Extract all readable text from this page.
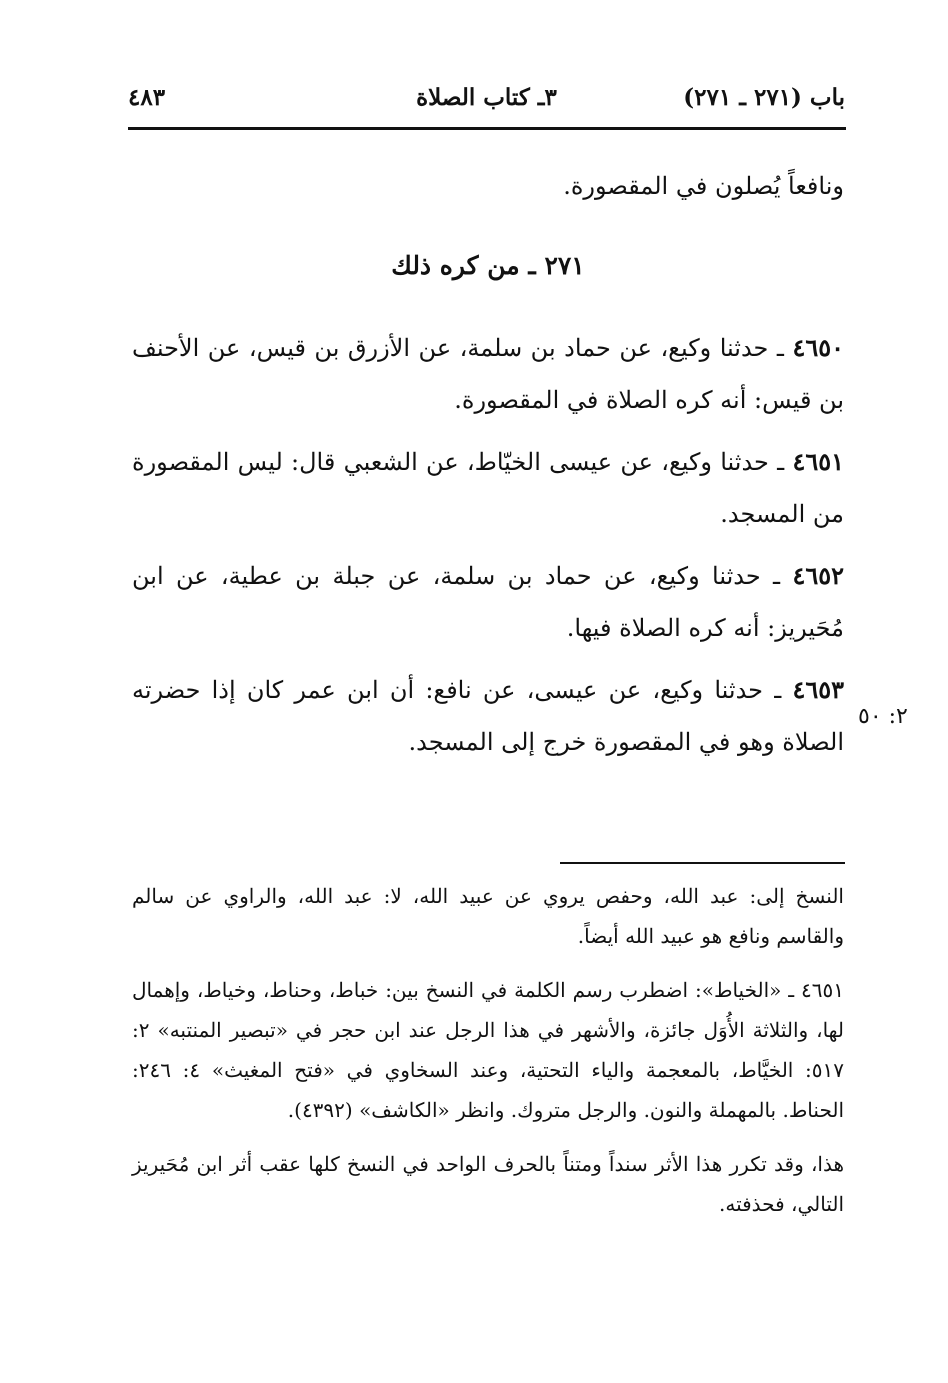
باب (٢٧١ ـ ٢٧١)
٣ـ كتاب الصلاة
٤٨٣

ونافعاً يُصلون في المقصورة.

٢٧١ ـ من كره ذلك

٤٦٥٠ ـ حدثنا وكيع، عن حماد بن سلمة، عن الأزرق بن قيس، عن الأحنف بن قيس: أنه كره الصلاة في المقصورة.

٤٦٥١ ـ حدثنا وكيع، عن عيسى الخيّاط، عن الشعبي قال: ليس المقصورة من المسجد.

٤٦٥٢ ـ حدثنا وكيع، عن حماد بن سلمة، عن جبلة بن عطية، عن ابن مُحَيريز: أنه كره الصلاة فيها.

٤٦٥٣ ـ حدثنا وكيع، عن عيسى، عن نافع: أن ابن عمر كان إذا حضرته الصلاة وهو في المقصورة خرج إلى المسجد.

٢: ٥٠

النسخ إلى: عبد الله، وحفص يروي عن عبيد الله، لا: عبد الله، والراوي عن سالم والقاسم ونافع هو عبيد الله أيضاً.

٤٦٥١ ـ «الخياط»: اضطرب رسم الكلمة في النسخ بين: خباط، وحناط، وخياط، وإهمال لها، والثلاثة الأُوَل جائزة، والأشهر في هذا الرجل عند ابن حجر في «تبصير المنتبه» ٢: ٥١٧: الخيَّاط، بالمعجمة والياء التحتية، وعند السخاوي في «فتح المغيث» ٤: ٢٤٦: الحناط. بالمهملة والنون. والرجل متروك. وانظر «الكاشف» (٤٣٩٢).

هذا، وقد تكرر هذا الأثر سنداً ومتناً بالحرف الواحد في النسخ كلها عقب أثر ابن مُحَيريز التالي، فحذفته.
